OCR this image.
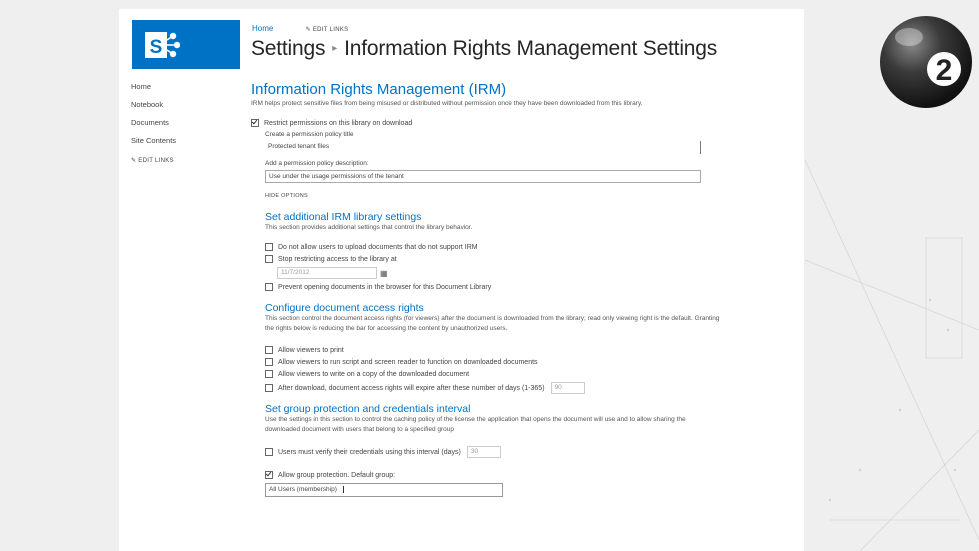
S
Home	✎ EDIT LINKS
Settings ▸ Information Rights Management Settings
Home
Notebook
Documents
Site Contents
✎ EDIT LINKS
Information Rights Management (IRM)
IRM helps protect sensitive files from being misused or distributed without permission once they have been downloaded from this library.
Restrict permissions on this library on download
Create a permission policy title
Protected tenant files
Add a permission policy description:
Use under the usage permissions of the tenant
HIDE OPTIONS
Set additional IRM library settings
This section provides additional settings that control the library behavior.
Do not allow users to upload documents that do not support IRM
Stop restricting access to the library at
11/7/2012	▦
Prevent opening documents in the browser for this Document Library
Configure document access rights
This section control the document access rights (for viewers) after the document is downloaded from the library; read only viewing right is the default. Granting the rights below is reducing the bar for accessing the content by unauthorized users.
Allow viewers to print
Allow viewers to run script and screen reader to function on downloaded documents
Allow viewers to write on a copy of the downloaded document
After download, document access rights will expire after these number of days (1-365)	90
Set group protection and credentials interval
Use the settings in this section to control the caching policy of the license the application that opens the document will use and to allow sharing the downloaded document with users that belong to a specified group
Users must verify their credentials using this interval (days)	30
Allow group protection. Default group:
All Users (membership)
2
